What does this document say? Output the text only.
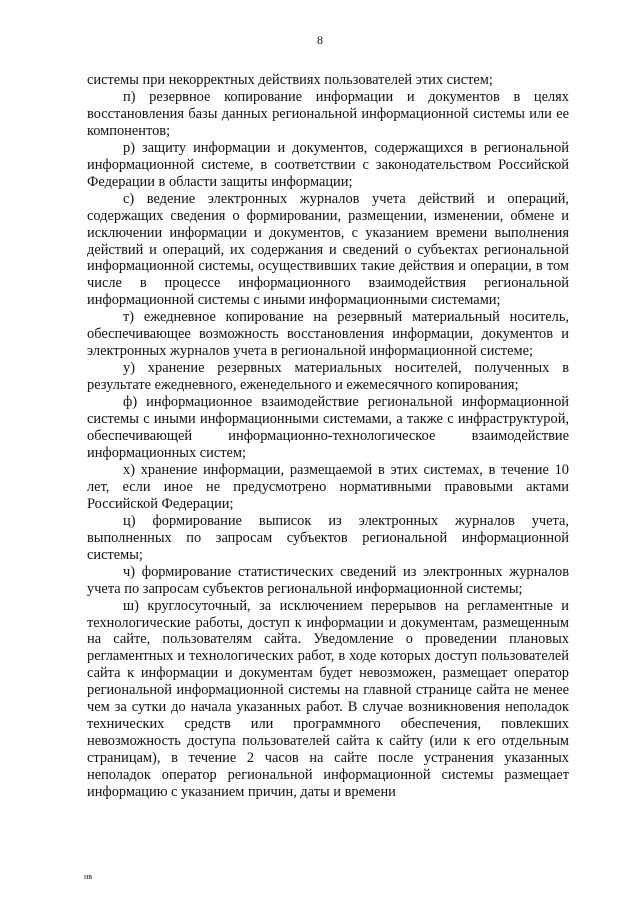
8

системы при некорректных действиях пользователей этих систем;

п) резервное копирование информации и документов в целях восстановления базы данных региональной информационной системы или ее компонентов;

р) защиту информации и документов, содержащихся в региональной информационной системе, в соответствии с законодательством Российской Федерации в области защиты информации;

с) ведение электронных журналов учета действий и операций, содержащих сведения о формировании, размещении, изменении, обмене и исключении информации и документов, с указанием времени выполнения действий и операций, их содержания и сведений о субъектах региональной информационной системы, осуществивших такие действия и операции, в том числе в процессе информационного взаимодействия региональной информационной системы с иными информационными системами;

т) ежедневное копирование на резервный материальный носитель, обеспечивающее возможность восстановления информации, документов и электронных журналов учета в региональной информационной системе;

у) хранение резервных материальных носителей, полученных в результате ежедневного, еженедельного и ежемесячного копирования;

ф) информационное взаимодействие региональной информационной системы с иными информационными системами, а также с инфраструктурой, обеспечивающей информационно-технологическое взаимодействие информационных систем;

х) хранение информации, размещаемой в этих системах, в течение 10 лет, если иное не предусмотрено нормативными правовыми актами Российской Федерации;

ц) формирование выписок из электронных журналов учета, выполненных по запросам субъектов региональной информационной системы;

ч) формирование статистических сведений из электронных журналов учета по запросам субъектов региональной информационной системы;

ш) круглосуточный, за исключением перерывов на регламентные и технологические работы, доступ к информации и документам, размещенным на сайте, пользователям сайта. Уведомление о проведении плановых регламентных и технологических работ, в ходе которых доступ пользователей сайта к информации и документам будет невозможен, размещает оператор региональной информационной системы на главной странице сайта не менее чем за сутки до начала указанных работ. В случае возникновения неполадок технических средств или программного обеспечения, повлекших невозможность доступа пользователей сайта к сайту (или к его отдельным страницам), в течение 2 часов на сайте после устранения указанных неполадок оператор региональной информационной системы размещает информацию с указанием причин, даты и времени

нв
